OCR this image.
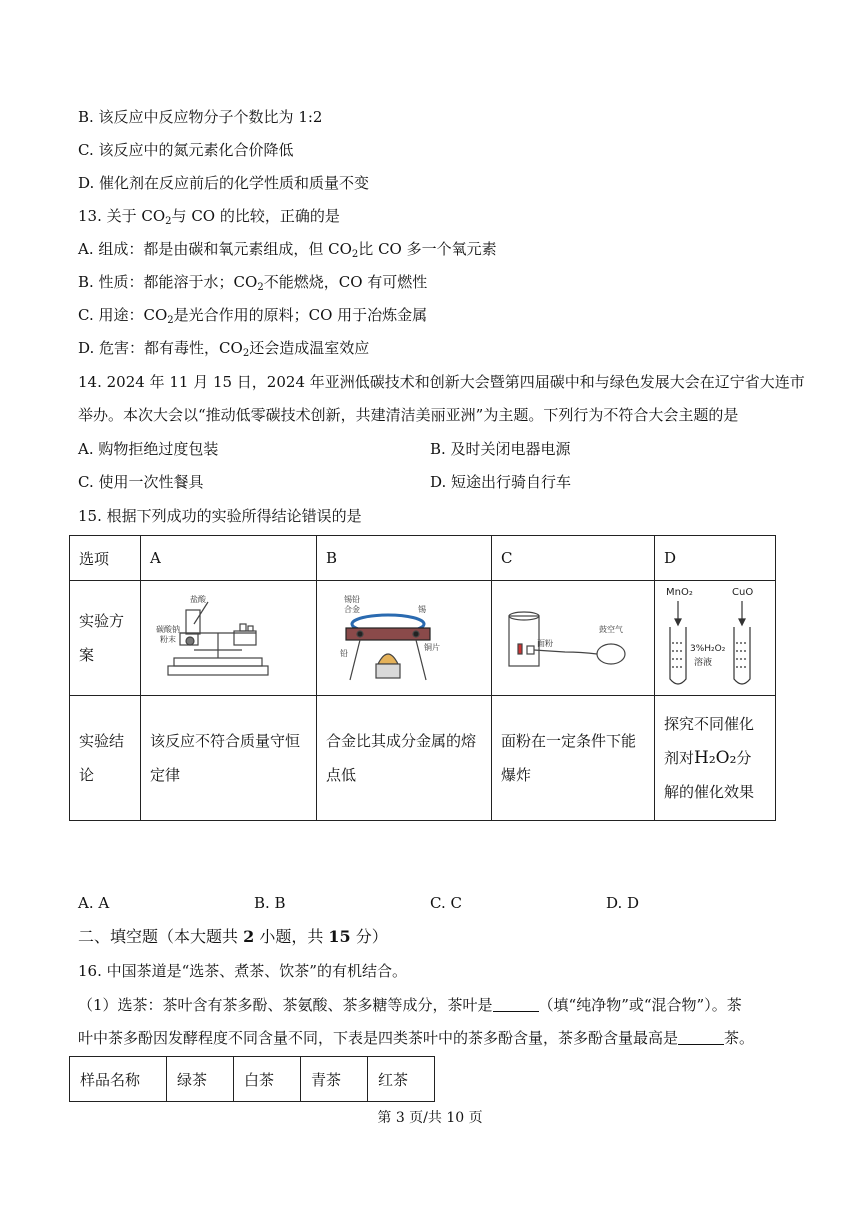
B. 该反应中反应物分子个数比为 1:2
C. 该反应中的氮元素化合价降低
D. 催化剂在反应前后的化学性质和质量不变
13. 关于 $CO_2$与 CO 的比较，正确的是
A. 组成：都是由碳和氧元素组成，但 $CO_2$比 CO 多一个氧元素
B. 性质：都能溶于水；$CO_2$不能燃烧，CO 有可燃性
C. 用途：$CO_2$是光合作用的原料；CO 用于冶炼金属
D. 危害：都有毒性，$CO_2$还会造成温室效应
14. 2024 年 11 月 15 日，2024 年亚洲低碳技术和创新大会暨第四届碳中和与绿色发展大会在辽宁省大连市
举办。本次大会以“推动低零碳技术创新，共建清洁美丽亚洲”为主题。下列行为不符合大会主题的是
A. 购物拒绝过度包装	B. 及时关闭电器电源
C. 使用一次性餐具	D. 短途出行骑自行车
15. 根据下列成功的实验所得结论错误的是
选项	A	B	C	D
实验方案	盐酸
碳酸钠
粉末	锡铅
合金 锡
铅
铜片	面粉
鼓空气	MnO₂ CuO
3%H₂O₂
溶液

实验结论	该反应不符合质量守恒定律	合金比其成分金属的熔点低	面粉在一定条件下能爆炸	探究不同催化剂对H₂O₂分解的催化效果
A. A	B. B	C. C	D. D
二、填空题（本大题共 2 小题，共 15 分）
16. 中国茶道是“选茶、煮茶、饮茶”的有机结合。
（1）选茶：茶叶含有茶多酚、茶氨酸、茶多糖等成分，茶叶是	（填“纯净物”或“混合物”）。茶
叶中茶多酚因发酵程度不同含量不同，下表是四类茶叶中的茶多酚含量，茶多酚含量最高是	茶。
样品名称	绿茶	白茶	青茶	红茶
第 3 页/共 10 页
